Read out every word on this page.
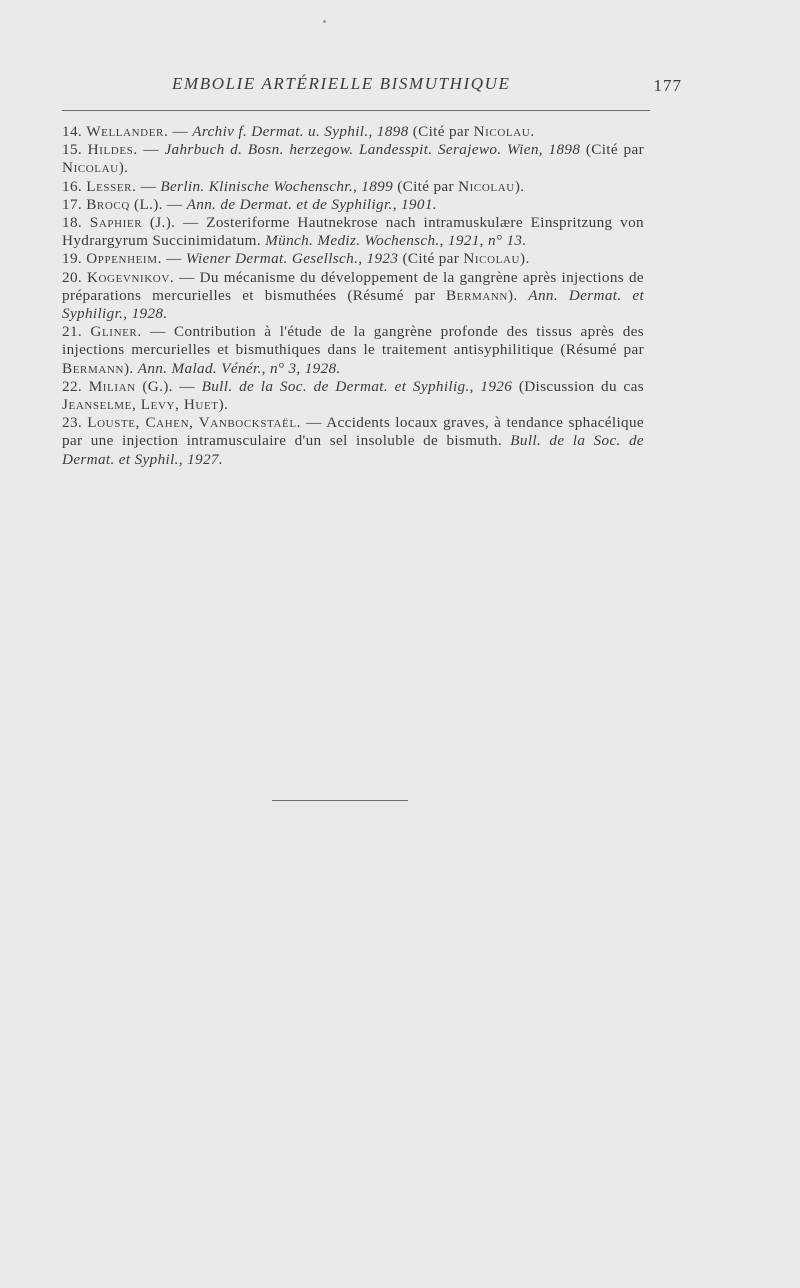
EMBOLIE ARTÉRIELLE BISMUTHIQUE	177

14. Wellander. — Archiv f. Dermat. u. Syphil., 1898 (Cité par Nicolau.

15. Hildes. — Jahrbuch d. Bosn. herzegow. Landesspit. Serajewo. Wien, 1898 (Cité par Nicolau).

16. Lesser. — Berlin. Klinische Wochenschr., 1899 (Cité par Nicolau).

17. Brocq (L.). — Ann. de Dermat. et de Syphiligr., 1901.

18. Saphier (J.). — Zosteriforme Hautnekrose nach intramuskulære Einspritzung von Hydrargyrum Succinimidatum. Münch. Mediz. Wochensch., 1921, n° 13.

19. Oppenheim. — Wiener Dermat. Gesellsch., 1923 (Cité par Nicolau).

20. Kogevnikov. — Du mécanisme du développement de la gangrène après injections de préparations mercurielles et bismuthées (Résumé par Bermann). Ann. Dermat. et Syphiligr., 1928.

21. Gliner. — Contribution à l'étude de la gangrène profonde des tissus après des injections mercurielles et bismuthiques dans le traitement antisyphilitique (Résumé par Bermann). Ann. Malad. Vénér., n° 3, 1928.

22. Milian (G.). — Bull. de la Soc. de Dermat. et Syphilig., 1926 (Discussion du cas Jeanselme, Levy, Huet).

23. Louste, Cahen, Vanbockstaël. — Accidents locaux graves, à tendance sphacélique par une injection intramusculaire d'un sel insoluble de bismuth. Bull. de la Soc. de Dermat. et Syphil., 1927.
